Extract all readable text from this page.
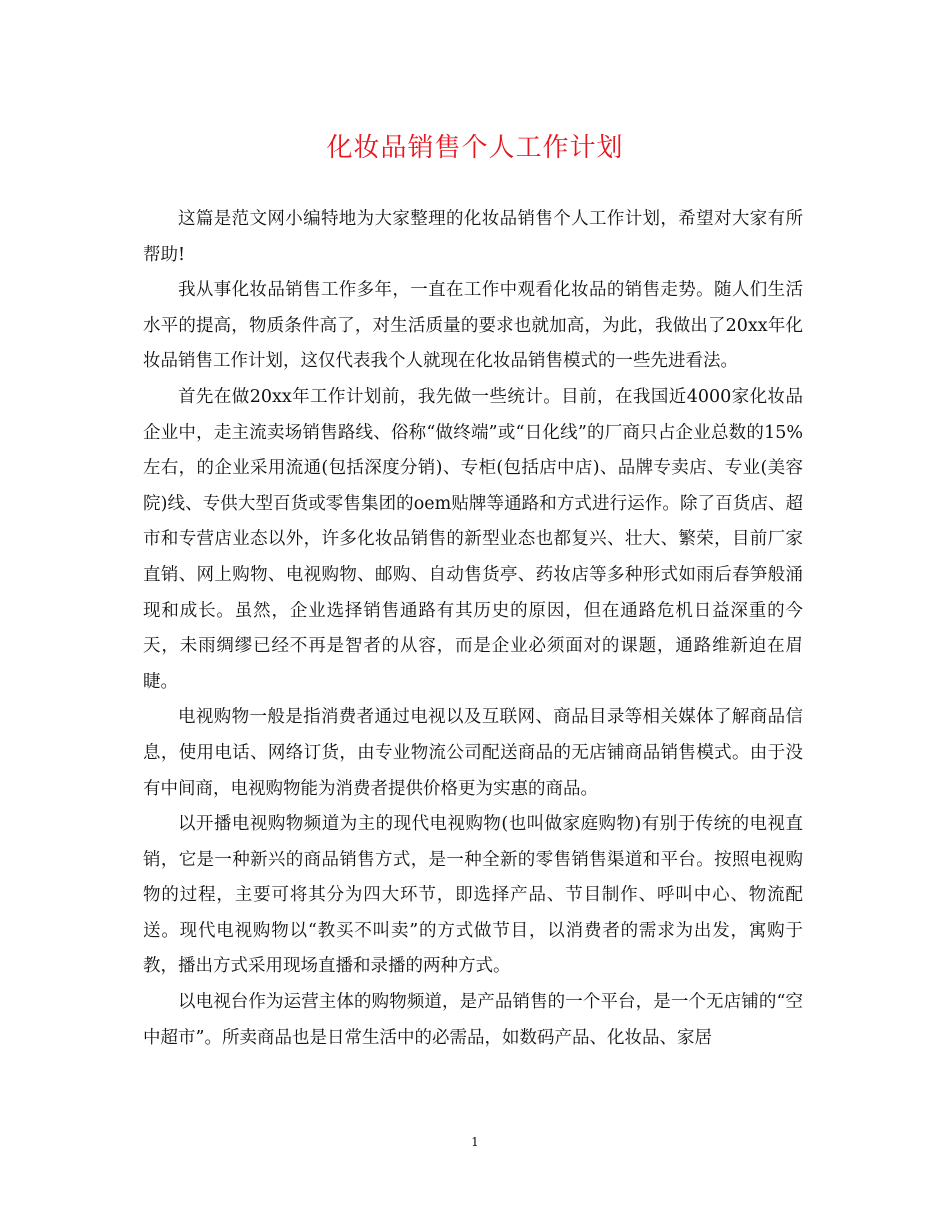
化妆品销售个人工作计划

这篇是范文网小编特地为大家整理的化妆品销售个人工作计划，希望对大家有所帮助!

我从事化妆品销售工作多年，一直在工作中观看化妆品的销售走势。随人们生活水平的提高，物质条件高了，对生活质量的要求也就加高，为此，我做出了20xx年化妆品销售工作计划，这仅代表我个人就现在化妆品销售模式的一些先进看法。

首先在做20xx年工作计划前，我先做一些统计。目前，在我国近4000家化妆品企业中，走主流卖场销售路线、俗称“做终端”或“日化线”的厂商只占企业总数的15%左右，的企业采用流通(包括深度分销)、专柜(包括店中店)、品牌专卖店、专业(美容院)线、专供大型百货或零售集团的oem贴牌等通路和方式进行运作。除了百货店、超市和专营店业态以外，许多化妆品销售的新型业态也都复兴、壮大、繁荣，目前厂家直销、网上购物、电视购物、邮购、自动售货亭、药妆店等多种形式如雨后春笋般涌现和成长。虽然，企业选择销售通路有其历史的原因，但在通路危机日益深重的今天，未雨绸缪已经不再是智者的从容，而是企业必须面对的课题，通路维新迫在眉睫。

电视购物一般是指消费者通过电视以及互联网、商品目录等相关媒体了解商品信息，使用电话、网络订货，由专业物流公司配送商品的无店铺商品销售模式。由于没有中间商，电视购物能为消费者提供价格更为实惠的商品。

以开播电视购物频道为主的现代电视购物(也叫做家庭购物)有别于传统的电视直销，它是一种新兴的商品销售方式，是一种全新的零售销售渠道和平台。按照电视购物的过程，主要可将其分为四大环节，即选择产品、节目制作、呼叫中心、物流配送。现代电视购物以“教买不叫卖”的方式做节目，以消费者的需求为出发，寓购于教，播出方式采用现场直播和录播的两种方式。

以电视台作为运营主体的购物频道，是产品销售的一个平台，是一个无店铺的“空中超市”。所卖商品也是日常生活中的必需品，如数码产品、化妆品、家居

1
